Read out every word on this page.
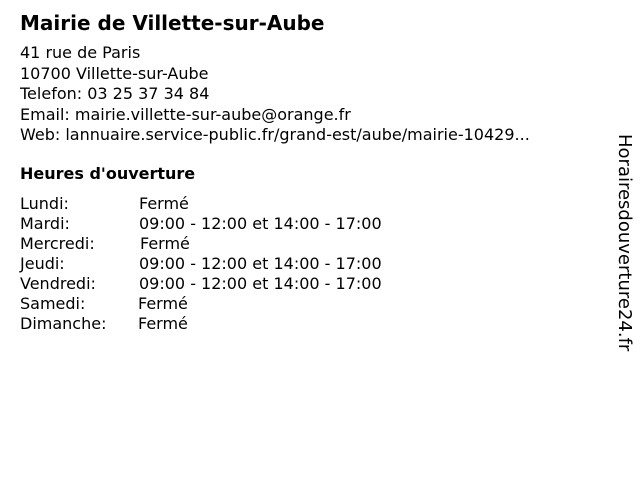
Mairie de Villette-sur-Aube
41 rue de Paris
10700 Villette-sur-Aube
Telefon: 03 25 37 34 84
Email: mairie.villette-sur-aube@orange.fr
Web: lannuaire.service-public.fr/grand-est/aube/mairie-10429...
Heures d'ouverture
Lundi:	Fermé
Mardi:	09:00 - 12:00 et 14:00 - 17:00
Mercredi:	Fermé
Jeudi:	09:00 - 12:00 et 14:00 - 17:00
Vendredi:	09:00 - 12:00 et 14:00 - 17:00
Samedi:	Fermé
Dimanche: Fermé	Horairesdouverture24.fr
